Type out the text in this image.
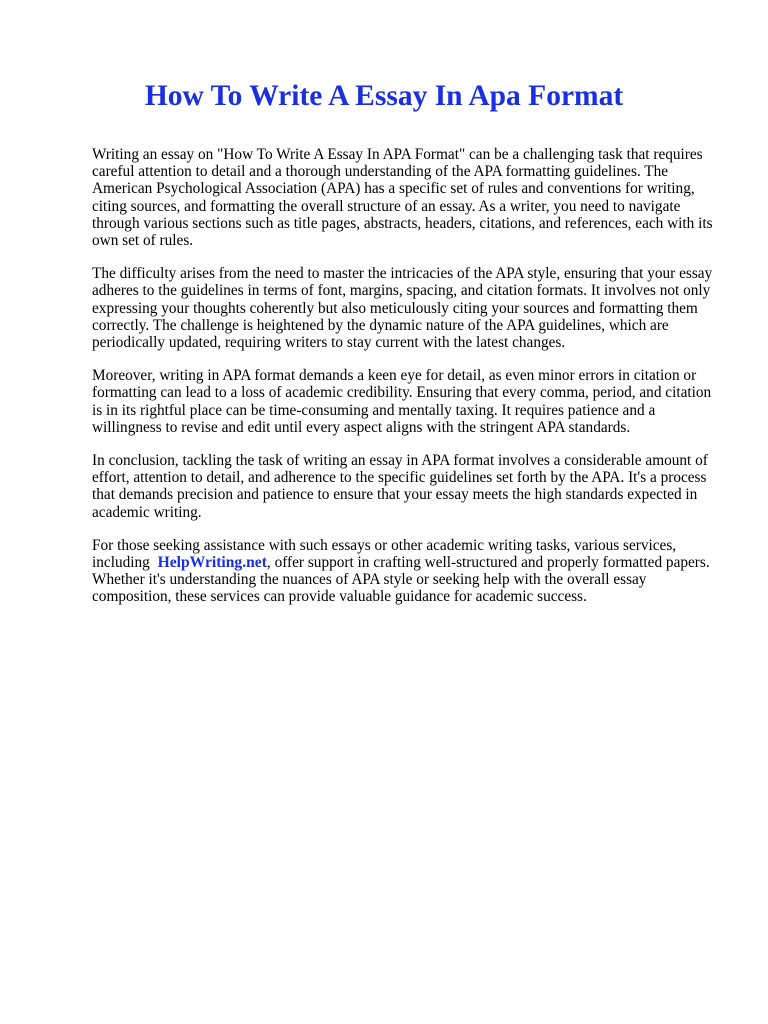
How To Write A Essay In Apa Format

Writing an essay on "How To Write A Essay In APA Format" can be a challenging task that requires
careful attention to detail and a thorough understanding of the APA formatting guidelines. The
American Psychological Association (APA) has a specific set of rules and conventions for writing,
citing sources, and formatting the overall structure of an essay. As a writer, you need to navigate
through various sections such as title pages, abstracts, headers, citations, and references, each with its
own set of rules.

The difficulty arises from the need to master the intricacies of the APA style, ensuring that your essay
adheres to the guidelines in terms of font, margins, spacing, and citation formats. It involves not only
expressing your thoughts coherently but also meticulously citing your sources and formatting them
correctly. The challenge is heightened by the dynamic nature of the APA guidelines, which are
periodically updated, requiring writers to stay current with the latest changes.

Moreover, writing in APA format demands a keen eye for detail, as even minor errors in citation or
formatting can lead to a loss of academic credibility. Ensuring that every comma, period, and citation
is in its rightful place can be time-consuming and mentally taxing. It requires patience and a
willingness to revise and edit until every aspect aligns with the stringent APA standards.

In conclusion, tackling the task of writing an essay in APA format involves a considerable amount of
effort, attention to detail, and adherence to the specific guidelines set forth by the APA. It's a process
that demands precision and patience to ensure that your essay meets the high standards expected in
academic writing.

For those seeking assistance with such essays or other academic writing tasks, various services,
including HelpWriting.net, offer support in crafting well-structured and properly formatted papers.
Whether it's understanding the nuances of APA style or seeking help with the overall essay
composition, these services can provide valuable guidance for academic success.
